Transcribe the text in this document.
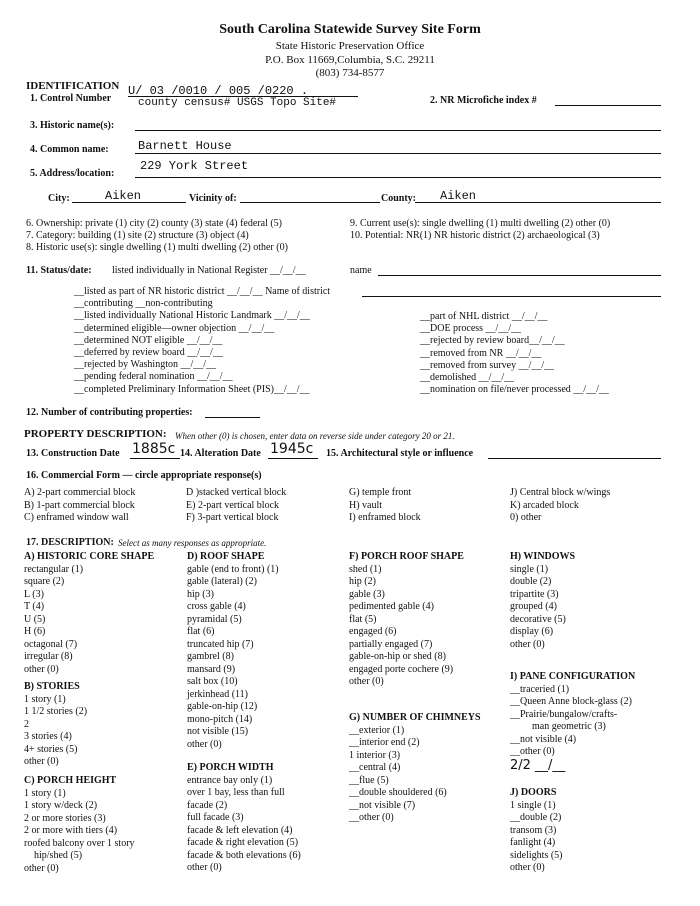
South Carolina Statewide Survey Site Form
State Historic Preservation Office
P.O. Box 11669,Columbia, S.C. 29211
(803) 734-8577
IDENTIFICATION
1. Control Number
U/ 03 /0010 / 005 /0220 .
county census# USGS Topo Site#	2. NR Microfiche index #
3. Historic name(s):
4. Common name: Barnett House
5. Address/location:
229 York Street
City:	Aiken	Vicinity of:	County: Aiken
6. Ownership: private (1) city (2) county (3) state (4) federal (5)
7. Category: building (1) site (2) structure (3) object (4)
8. Historic use(s): single dwelling (1) multi dwelling (2) other (0)
9. Current use(s): single dwelling (1) multi dwelling (2) other (0)
10. Potential: NR(1) NR historic district (2) archaeological (3)
11. Status/date: listed individually in National Register __/__/__	name
__listed as part of NR historic district __/__/__ Name of district
__contributing __non-contributing
__listed individually National Historic Landmark __/__/__
__determined eligible—owner objection __/__/__
__determined NOT eligible __/__/__
__deferred by review board __/__/__
__rejected by Washington __/__/__
__pending federal nomination __/__/__
__completed Preliminary Information Sheet (PIS)__/__/__
__part of NHL district __/__/__
__DOE process __/__/__
__rejected by review board__/__/__
__removed from NR __/__/__
__removed from survey __/__/__
__demolished __/__/__
__nomination on file/never processed __/__/__
12. Number of contributing properties:
PROPERTY DESCRIPTION: When other (0) is chosen, enter data on reverse side under category 20 or 21.
13. Construction Date 1885c 14. Alteration Date 1945c 15. Architectural style or influence
16. Commercial Form — circle appropriate response(s)
A) 2-part commercial block
B) 1-part commercial block
C) enframed window wall
D )stacked vertical block
E) 2-part vertical block
F) 3-part vertical block
G) temple front
H) vault
I) enframed block
J) Central block w/wings
K) arcaded block
0) other
17. DESCRIPTION: Select as many responses as appropriate.
A) HISTORIC CORE SHAPE
rectangular (1)
square (2)
L (3)
T (4)
U (5)
H (6)
octagonal (7)
irregular (8)
other (0)
B) STORIES
1 story (1)
1 1/2 stories (2)
2
3 stories (4)
4+ stories (5)
other (0)
C) PORCH HEIGHT
1 story (1)
1 story w/deck (2)
2 or more stories (3)
2 or more with tiers (4)
roofed balcony over 1 story
hip/shed (5)
other (0)
D) ROOF SHAPE
gable (end to front) (1)
gable (lateral) (2)
hip (3)
cross gable (4)
pyramidal (5)
flat (6)
truncated hip (7)
gambrel (8)
mansard (9)
salt box (10)
jerkinhead (11)
gable-on-hip (12)
mono-pitch (14)
not visible (15)
other (0)
E) PORCH WIDTH
entrance bay only (1)
over 1 bay, less than full
facade (2)
full facade (3)
facade & left elevation (4)
facade & right elevation (5)
facade & both elevations (6)
other (0)
F) PORCH ROOF SHAPE
shed (1)
hip (2)
gable (3)
pedimented gable (4)
flat (5)
engaged (6)
partially engaged (7)
gable-on-hip or shed (8)
engaged porte cochere (9)
other (0)
G) NUMBER OF CHIMNEYS
__exterior (1)
__interior end (2)
1 interior (3)
__central (4)
__flue (5)
__double shouldered (6)
__not visible (7)
__other (0)
H) WINDOWS
single (1)
double (2)
tripartite (3)
grouped (4)
decorative (5)
display (6)
other (0)
I) PANE CONFIGURATION
__traceried (1)
__Queen Anne block-glass (2)
__Prairie/bungalow/crafts-
man geometric (3)
__not visible (4)
__other (0)
2/2 __/__
J) DOORS
1 single (1)
__double (2)
transom (3)
fanlight (4)
sidelights (5)
other (0)
